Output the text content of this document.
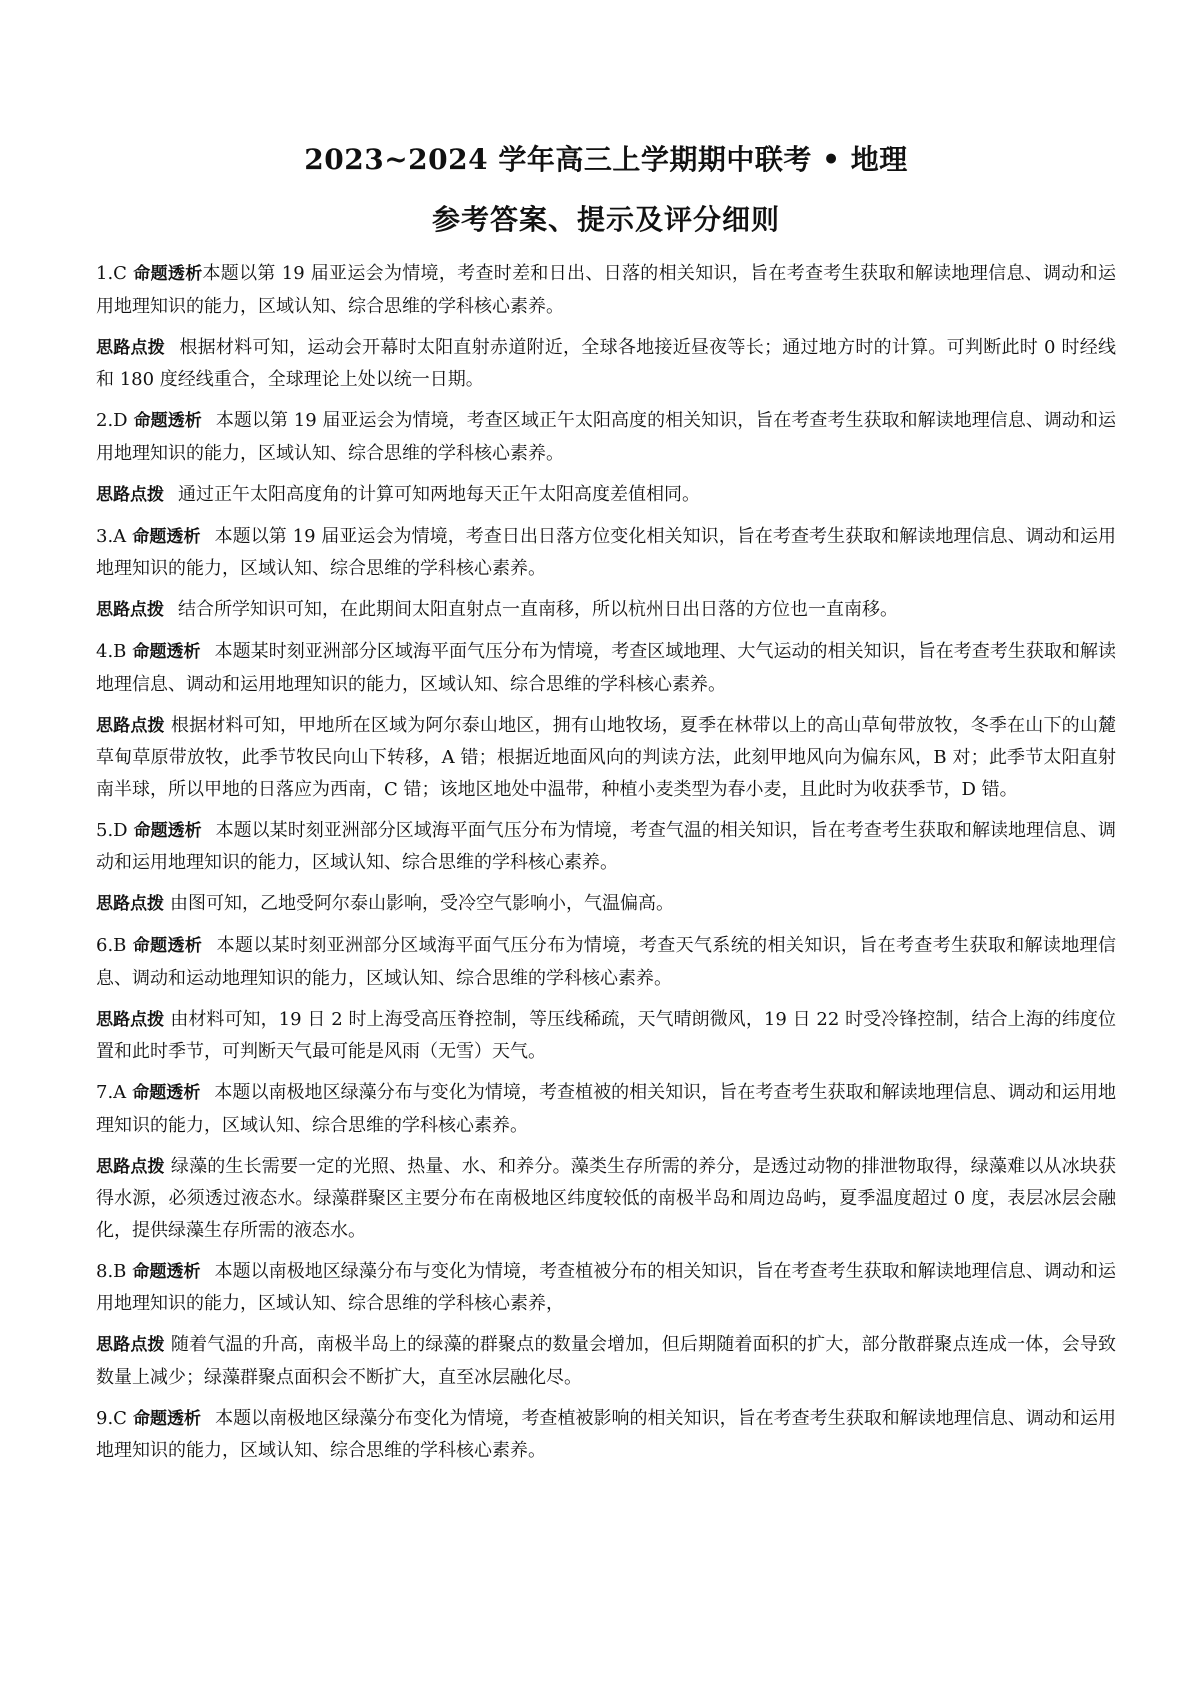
2023~2024 学年高三上学期期中联考 • 地理
参考答案、提示及评分细则

1.C 命题透析本题以第 19 届亚运会为情境，考查时差和日出、日落的相关知识，旨在考查考生获取和解读地理信息、调动和运用地理知识的能力，区域认知、综合思维的学科核心素养。

思路点拨 根据材料可知，运动会开幕时太阳直射赤道附近，全球各地接近昼夜等长；通过地方时的计算。可判断此时 0 时经线和 180 度经线重合，全球理论上处以统一日期。

2.D 命题透析 本题以第 19 届亚运会为情境，考查区域正午太阳高度的相关知识，旨在考查考生获取和解读地理信息、调动和运用地理知识的能力，区域认知、综合思维的学科核心素养。

思路点拨 通过正午太阳高度角的计算可知两地每天正午太阳高度差值相同。

3.A 命题透析 本题以第 19 届亚运会为情境，考查日出日落方位变化相关知识，旨在考查考生获取和解读地理信息、调动和运用地理知识的能力，区域认知、综合思维的学科核心素养。

思路点拨 结合所学知识可知，在此期间太阳直射点一直南移，所以杭州日出日落的方位也一直南移。

4.B 命题透析 本题某时刻亚洲部分区域海平面气压分布为情境，考查区域地理、大气运动的相关知识，旨在考查考生获取和解读地理信息、调动和运用地理知识的能力，区域认知、综合思维的学科核心素养。

思路点拨 根据材料可知，甲地所在区域为阿尔泰山地区，拥有山地牧场，夏季在林带以上的高山草甸带放牧，冬季在山下的山麓草甸草原带放牧，此季节牧民向山下转移，A 错；根据近地面风向的判读方法，此刻甲地风向为偏东风，B 对；此季节太阳直射南半球，所以甲地的日落应为西南，C 错；该地区地处中温带，种植小麦类型为春小麦，且此时为收获季节，D 错。

5.D 命题透析 本题以某时刻亚洲部分区域海平面气压分布为情境，考查气温的相关知识，旨在考查考生获取和解读地理信息、调动和运用地理知识的能力，区域认知、综合思维的学科核心素养。

思路点拨 由图可知，乙地受阿尔泰山影响，受冷空气影响小，气温偏高。

6.B 命题透析 本题以某时刻亚洲部分区域海平面气压分布为情境，考查天气系统的相关知识，旨在考查考生获取和解读地理信息、调动和运动地理知识的能力，区域认知、综合思维的学科核心素养。

思路点拨 由材料可知，19 日 2 时上海受高压脊控制，等压线稀疏，天气晴朗微风，19 日 22 时受冷锋控制，结合上海的纬度位置和此时季节，可判断天气最可能是风雨（无雪）天气。

7.A 命题透析 本题以南极地区绿藻分布与变化为情境，考查植被的相关知识，旨在考查考生获取和解读地理信息、调动和运用地理知识的能力，区域认知、综合思维的学科核心素养。

思路点拨 绿藻的生长需要一定的光照、热量、水、和养分。藻类生存所需的养分，是透过动物的排泄物取得，绿藻难以从冰块获得水源，必须透过液态水。绿藻群聚区主要分布在南极地区纬度较低的南极半岛和周边岛屿，夏季温度超过 0 度，表层冰层会融化，提供绿藻生存所需的液态水。

8.B 命题透析 本题以南极地区绿藻分布与变化为情境，考查植被分布的相关知识，旨在考查考生获取和解读地理信息、调动和运用地理知识的能力，区域认知、综合思维的学科核心素养，

思路点拨 随着气温的升高，南极半岛上的绿藻的群聚点的数量会增加，但后期随着面积的扩大，部分散群聚点连成一体，会导致数量上减少；绿藻群聚点面积会不断扩大，直至冰层融化尽。

9.C 命题透析 本题以南极地区绿藻分布变化为情境，考查植被影响的相关知识，旨在考查考生获取和解读地理信息、调动和运用地理知识的能力，区域认知、综合思维的学科核心素养。
